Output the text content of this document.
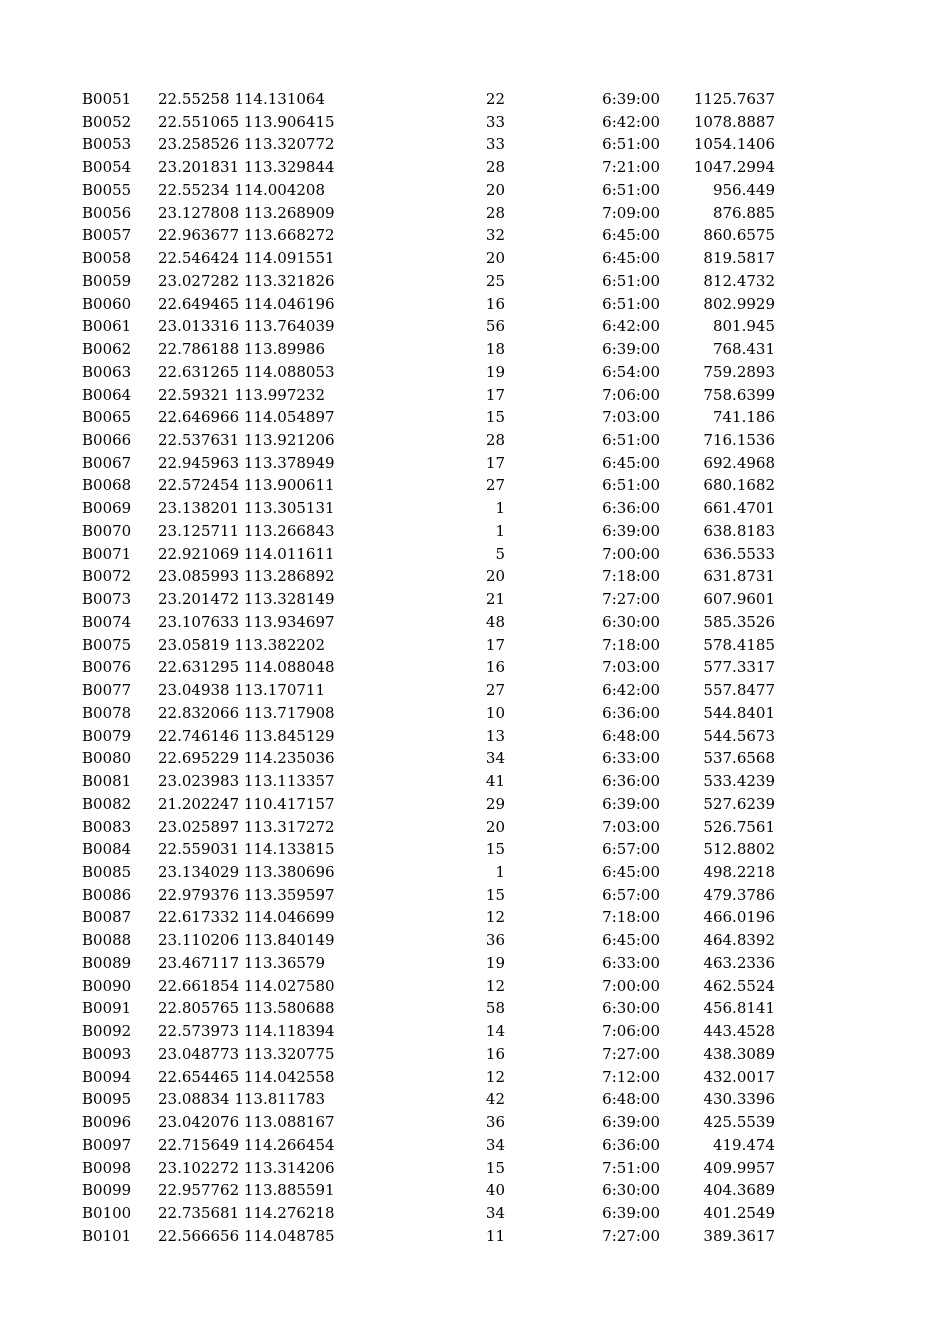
B0051 22.55258 114.131064	22	6:39:00	1125.7637
B0052 22.551065 113.906415	33	6:42:00	1078.8887
B0053 23.258526 113.320772	33	6:51:00	1054.1406
B0054 23.201831 113.329844	28	7:21:00	1047.2994
B0055 22.55234 114.004208	20	6:51:00	956.449
B0056 23.127808 113.268909	28	7:09:00	876.885
B0057 22.963677 113.668272	32	6:45:00	860.6575
B0058 22.546424 114.091551	20	6:45:00	819.5817
B0059 23.027282 113.321826	25	6:51:00	812.4732
B0060 22.649465 114.046196	16	6:51:00	802.9929
B0061 23.013316 113.764039	56	6:42:00	801.945
B0062 22.786188 113.89986	18	6:39:00	768.431
B0063 22.631265 114.088053	19	6:54:00	759.2893
B0064 22.59321 113.997232	17	7:06:00	758.6399
B0065 22.646966 114.054897	15	7:03:00	741.186
B0066 22.537631 113.921206	28	6:51:00	716.1536
B0067 22.945963 113.378949	17	6:45:00	692.4968
B0068 22.572454 113.900611	27	6:51:00	680.1682
B0069 23.138201 113.305131	1	6:36:00	661.4701
B0070 23.125711 113.266843	1	6:39:00	638.8183
B0071 22.921069 114.011611	5	7:00:00	636.5533
B0072 23.085993 113.286892	20	7:18:00	631.8731
B0073 23.201472 113.328149	21	7:27:00	607.9601
B0074 23.107633 113.934697	48	6:30:00	585.3526
B0075 23.05819 113.382202	17	7:18:00	578.4185
B0076 22.631295 114.088048	16	7:03:00	577.3317
B0077 23.04938 113.170711	27	6:42:00	557.8477
B0078 22.832066 113.717908	10	6:36:00	544.8401
B0079 22.746146 113.845129	13	6:48:00	544.5673
B0080 22.695229 114.235036	34	6:33:00	537.6568
B0081 23.023983 113.113357	41	6:36:00	533.4239
B0082 21.202247 110.417157	29	6:39:00	527.6239
B0083 23.025897 113.317272	20	7:03:00	526.7561
B0084 22.559031 114.133815	15	6:57:00	512.8802
B0085 23.134029 113.380696	1	6:45:00	498.2218
B0086 22.979376 113.359597	15	6:57:00	479.3786
B0087 22.617332 114.046699	12	7:18:00	466.0196
B0088 23.110206 113.840149	36	6:45:00	464.8392
B0089 23.467117 113.36579	19	6:33:00	463.2336
B0090 22.661854 114.027580	12	7:00:00	462.5524
B0091 22.805765 113.580688	58	6:30:00	456.8141
B0092 22.573973 114.118394	14	7:06:00	443.4528
B0093 23.048773 113.320775	16	7:27:00	438.3089
B0094 22.654465 114.042558	12	7:12:00	432.0017
B0095 23.08834 113.811783	42	6:48:00	430.3396
B0096 23.042076 113.088167	36	6:39:00	425.5539
B0097 22.715649 114.266454	34	6:36:00	419.474
B0098 23.102272 113.314206	15	7:51:00	409.9957
B0099 22.957762 113.885591	40	6:30:00	404.3689
B0100 22.735681 114.276218	34	6:39:00	401.2549
B0101 22.566656 114.048785	11	7:27:00	389.3617
